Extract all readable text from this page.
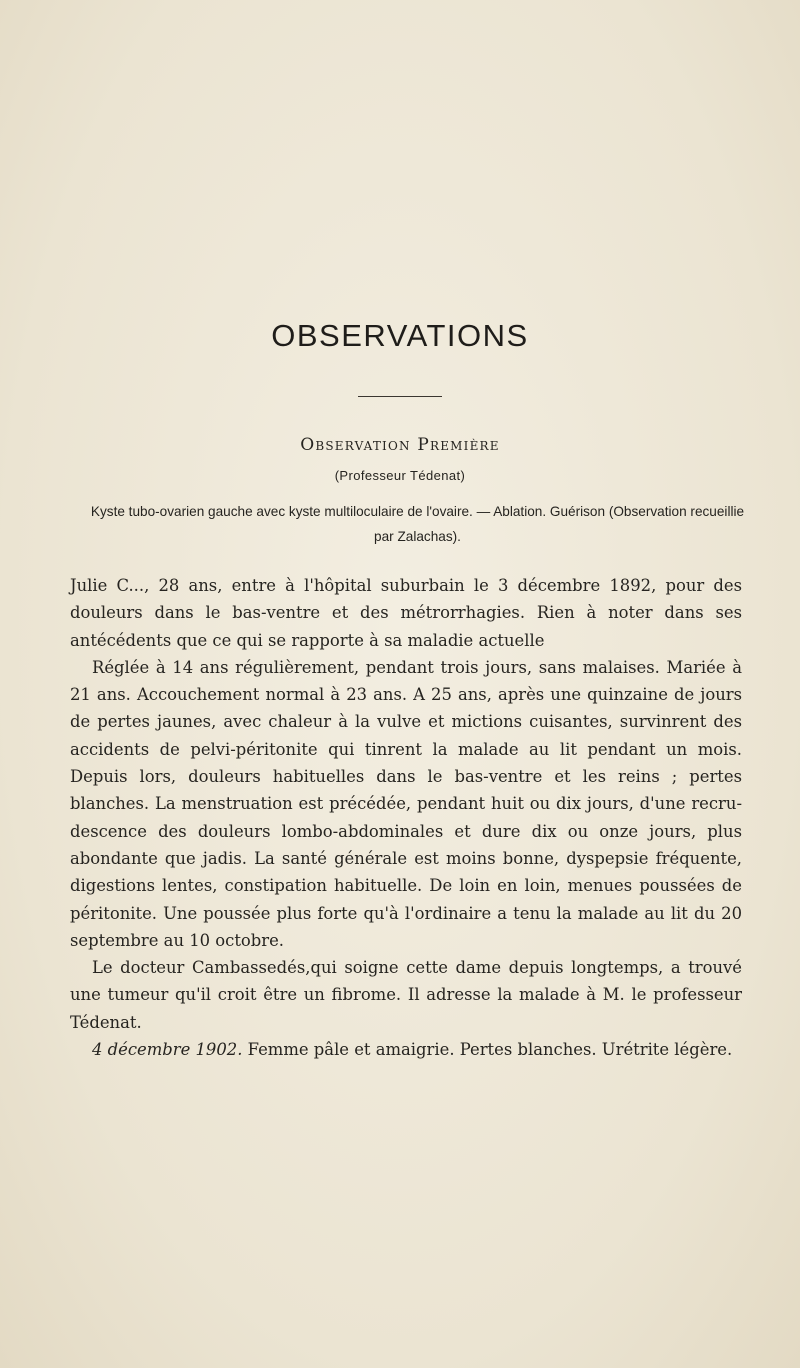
OBSERVATIONS
Observation Première
(Professeur Tédenat)
Kyste tubo-ovarien gauche avec kyste multiloculaire de l'ovaire. — Ablation. Guérison (Observation recueillie par Zalachas).

Julie C..., 28 ans, entre à l'hôpital suburbain le 3 décembre 1892, pour des douleurs dans le bas-ventre et des métrorrhagies. Rien à noter dans ses antécédents que ce qui se rapporte à sa maladie actuelle

Réglée à 14 ans régulièrement, pendant trois jours, sans malaises. Mariée à 21 ans. Accouchement normal à 23 ans. A 25 ans, après une quinzaine de jours de pertes jaunes, avec chaleur à la vulve et mictions cuisantes, survinrent des accidents de pelvi-péritonite qui tinrent la malade au lit pendant un mois. Depuis lors, douleurs habituelles dans le bas-ventre et les reins ; pertes blanches. La menstruation est précédée, pendant huit ou dix jours, d'une recru-descence des douleurs lombo-abdominales et dure dix ou onze jours, plus abondante que jadis. La santé générale est moins bonne, dyspepsie fréquente, digestions lentes, constipation habituelle. De loin en loin, menues poussées de péritonite. Une poussée plus forte qu'à l'ordinaire a tenu la malade au lit du 20 septembre au 10 octobre.

Le docteur Cambassedés,qui soigne cette dame depuis longtemps, a trouvé une tumeur qu'il croit être un fibrome. Il adresse la malade à M. le professeur Tédenat.

4 décembre 1902. Femme pâle et amaigrie. Pertes blanches. Urétrite légère.
